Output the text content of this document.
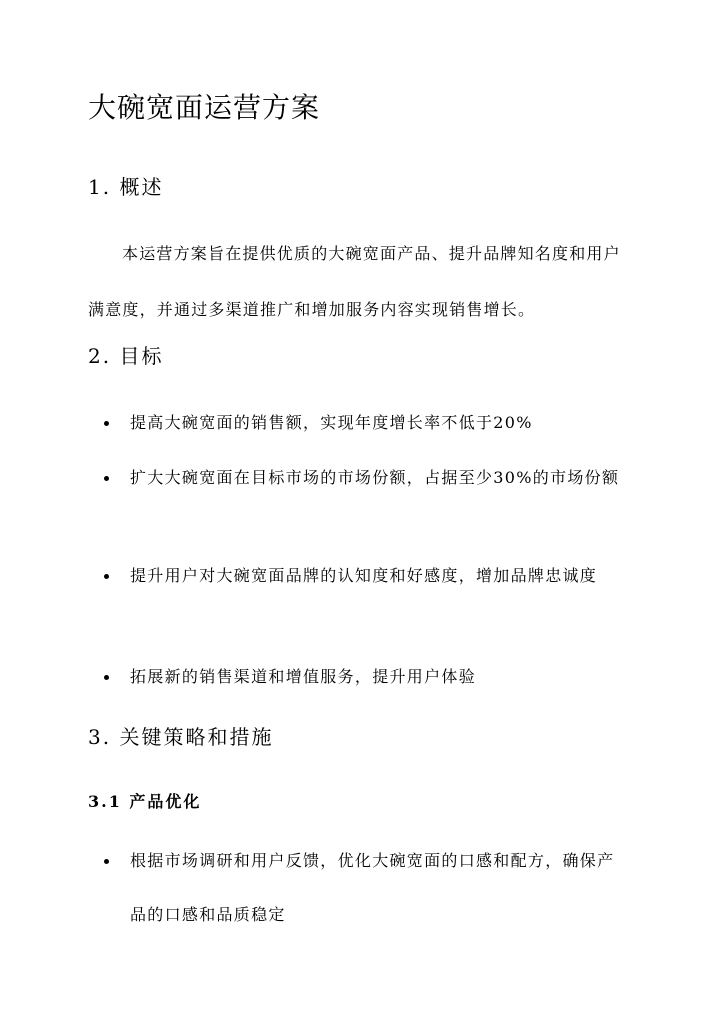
大碗宽面运营方案
1. 概述

本运营方案旨在提供优质的大碗宽面产品、提升品牌知名度和用户满意度，并通过多渠道推广和增加服务内容实现销售增长。

2. 目标
提高大碗宽面的销售额，实现年度增长率不低于20%
扩大大碗宽面在目标市场的市场份额，占据至少30%的市场份额
提升用户对大碗宽面品牌的认知度和好感度，增加品牌忠诚度
拓展新的销售渠道和增值服务，提升用户体验
3. 关键策略和措施
3.1 产品优化
根据市场调研和用户反馈，优化大碗宽面的口感和配方，确保产品的口感和品质稳定
